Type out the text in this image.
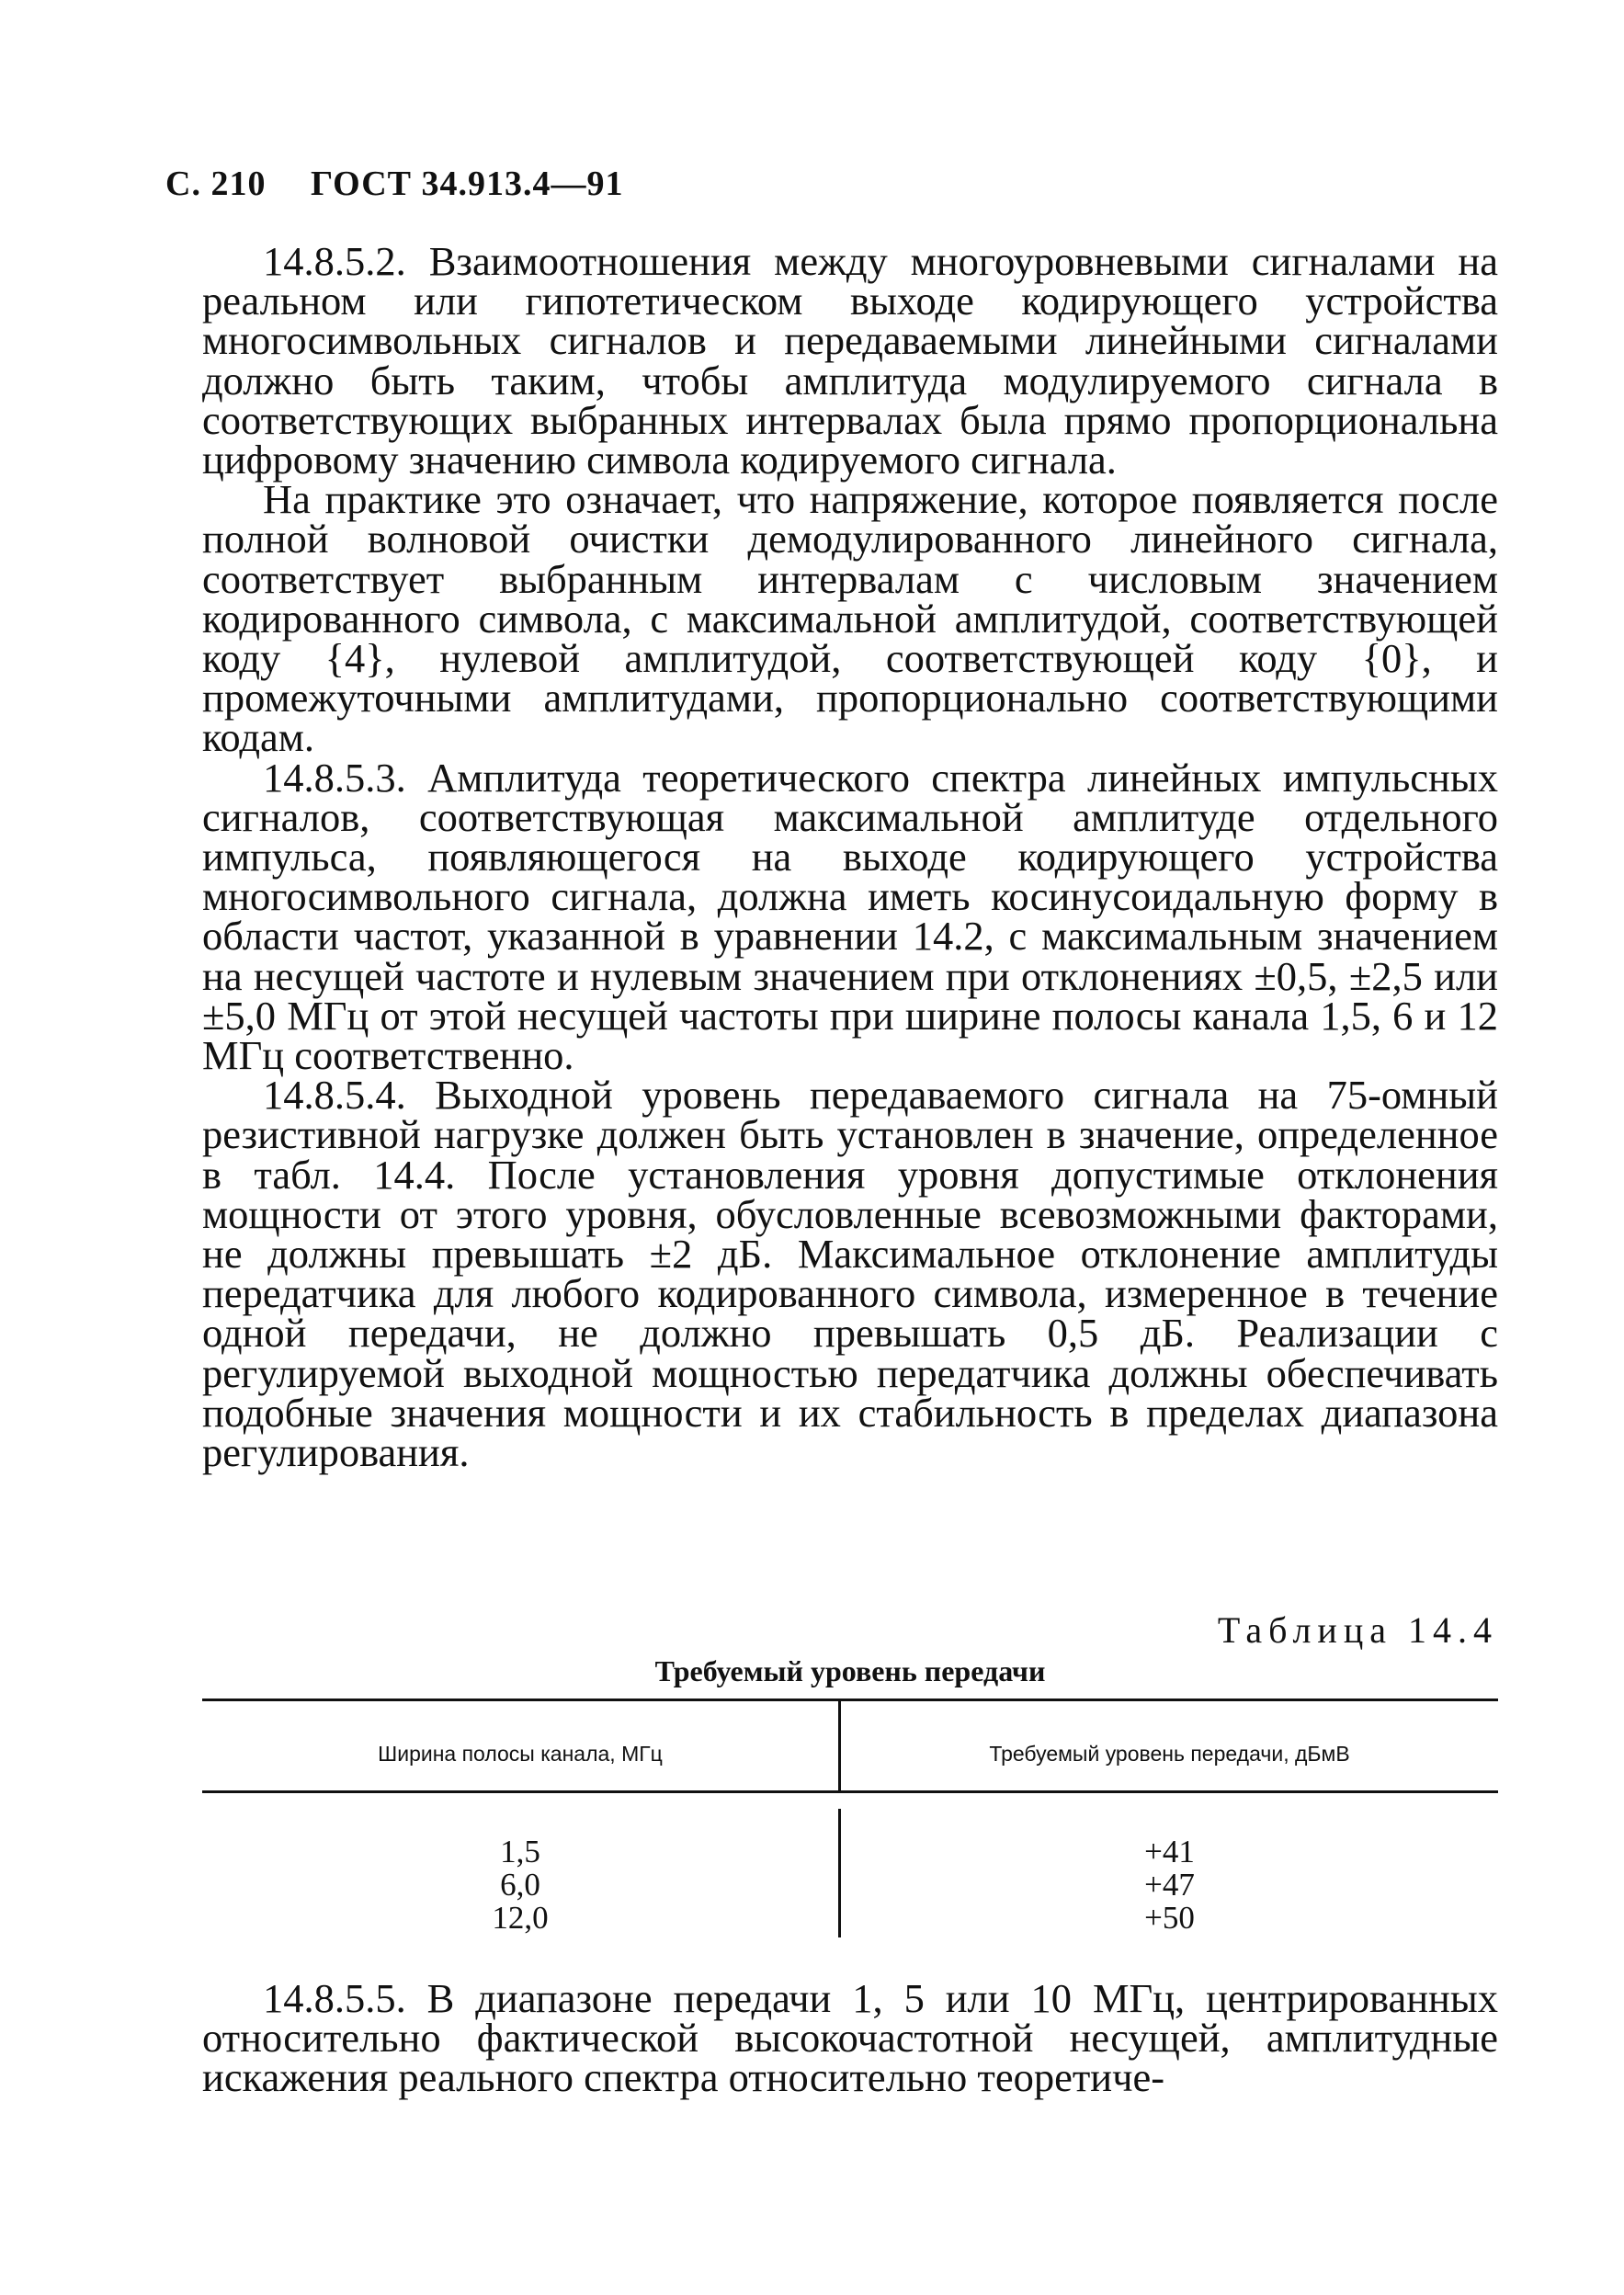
С. 210 ГОСТ 34.913.4—91

14.8.5.2. Взаимоотношения между многоуровневыми сигналами на реальном или гипотетическом выходе кодирующего устройства многосимвольных сигналов и передаваемыми линейными сигналами должно быть таким, чтобы амплитуда модулируемого сигнала в соответствующих выбранных интервалах была прямо пропорциональна цифровому значению символа кодируемого сигнала.

На практике это означает, что напряжение, которое появляется после полной волновой очистки демодулированного линейного сигнала, соответствует выбранным интервалам с числовым значением кодированного символа, с максимальной амплитудой, соответствующей коду {4}, нулевой амплитудой, соответствующей коду {0}, и промежуточными амплитудами, пропорционально соответствующими кодам.

14.8.5.3. Амплитуда теоретического спектра линейных импульсных сигналов, соответствующая максимальной амплитуде отдельного импульса, появляющегося на выходе кодирующего устройства многосимвольного сигнала, должна иметь косинусоидальную форму в области частот, указанной в уравнении 14.2, с максимальным значением на несущей частоте и нулевым значением при отклонениях ±0,5, ±2,5 или ±5,0 МГц от этой несущей частоты при ширине полосы канала 1,5, 6 и 12 МГц соответственно.

14.8.5.4. Выходной уровень передаваемого сигнала на 75-омный резистивной нагрузке должен быть установлен в значение, определенное в табл. 14.4. После установления уровня допустимые отклонения мощности от этого уровня, обусловленные всевозможными факторами, не должны превышать ±2 дБ. Максимальное отклонение амплитуды передатчика для любого кодированного символа, измеренное в течение одной передачи, не должно превышать 0,5 дБ. Реализации с регулируемой выходной мощностью передатчика должны обеспечивать подобные значения мощности и их стабильность в пределах диапазона регулирования.

Таблица 14.4
Требуемый уровень передачи
Ширина полосы канала, МГц	Требуемый уровень передачи, дБмВ
1,5
6,0
12,0
+41
+47
+50

14.8.5.5. В диапазоне передачи 1, 5 или 10 МГц, центрированных относительно фактической высокочастотной несущей, амплитудные искажения реального спектра относительно теоретиче-
